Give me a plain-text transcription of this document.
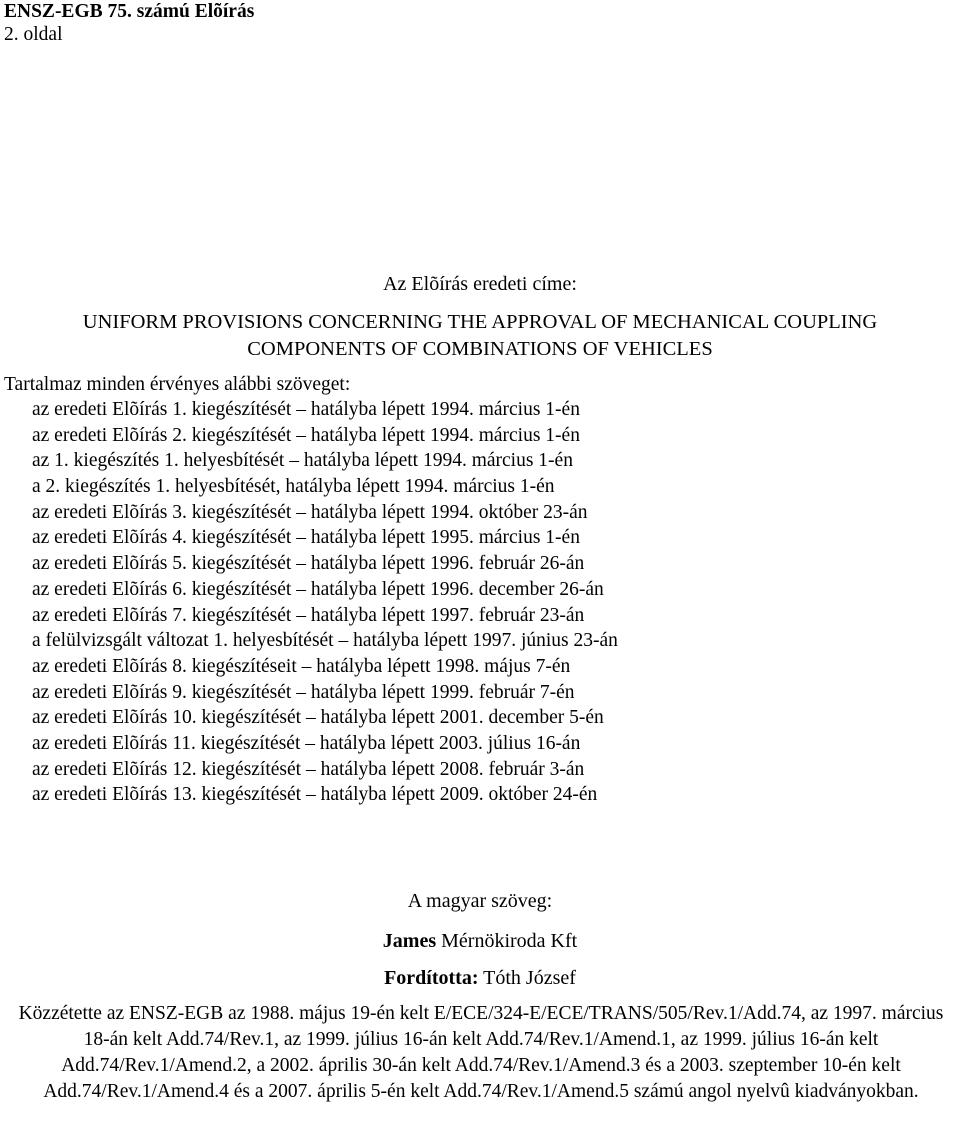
ENSZ-EGB 75. számú Elõírás
2. oldal
Az Elõírás eredeti címe:
UNIFORM PROVISIONS CONCERNING THE APPROVAL OF MECHANICAL COUPLING
COMPONENTS OF COMBINATIONS OF VEHICLES
Tartalmaz minden érvényes alábbi szöveget:
az eredeti Elõírás 1. kiegészítését – hatályba lépett 1994. március 1-én
az eredeti Elõírás 2. kiegészítését – hatályba lépett 1994. március 1-én
az 1. kiegészítés 1. helyesbítését – hatályba lépett 1994. március 1-én
a 2. kiegészítés 1. helyesbítését, hatályba lépett 1994. március 1-én
az eredeti Elõírás 3. kiegészítését – hatályba lépett 1994. október 23-án
az eredeti Elõírás 4. kiegészítését – hatályba lépett 1995. március 1-én
az eredeti Elõírás 5. kiegészítését – hatályba lépett 1996. február 26-án
az eredeti Elõírás 6. kiegészítését – hatályba lépett 1996. december 26-án
az eredeti Elõírás 7. kiegészítését – hatályba lépett 1997. február 23-án
a felülvizsgált változat 1. helyesbítését – hatályba lépett 1997. június 23-án
az eredeti Elõírás 8. kiegészítéseit – hatályba lépett 1998. május 7-én
az eredeti Elõírás 9. kiegészítését – hatályba lépett 1999. február 7-én
az eredeti Elõírás 10. kiegészítését – hatályba lépett 2001. december 5-én
az eredeti Elõírás 11. kiegészítését – hatályba lépett 2003. július 16-án
az eredeti Elõírás 12. kiegészítését – hatályba lépett 2008. február 3-án
az eredeti Elõírás 13. kiegészítését – hatályba lépett 2009. október 24-én
A magyar szöveg:
James Mérnökiroda Kft
Fordította: Tóth József

Közzétette az ENSZ-EGB az 1988. május 19-én kelt E/ECE/324-E/ECE/TRANS/505/Rev.1/Add.74, az 1997. március 18-án kelt Add.74/Rev.1, az 1999. július 16-án kelt Add.74/Rev.1/Amend.1, az 1999. július 16-án kelt Add.74/Rev.1/Amend.2, a 2002. április 30-án kelt Add.74/Rev.1/Amend.3 és a 2003. szeptember 10-én kelt Add.74/Rev.1/Amend.4 és a 2007. április 5-én kelt Add.74/Rev.1/Amend.5 számú angol nyelvû kiadványokban.
